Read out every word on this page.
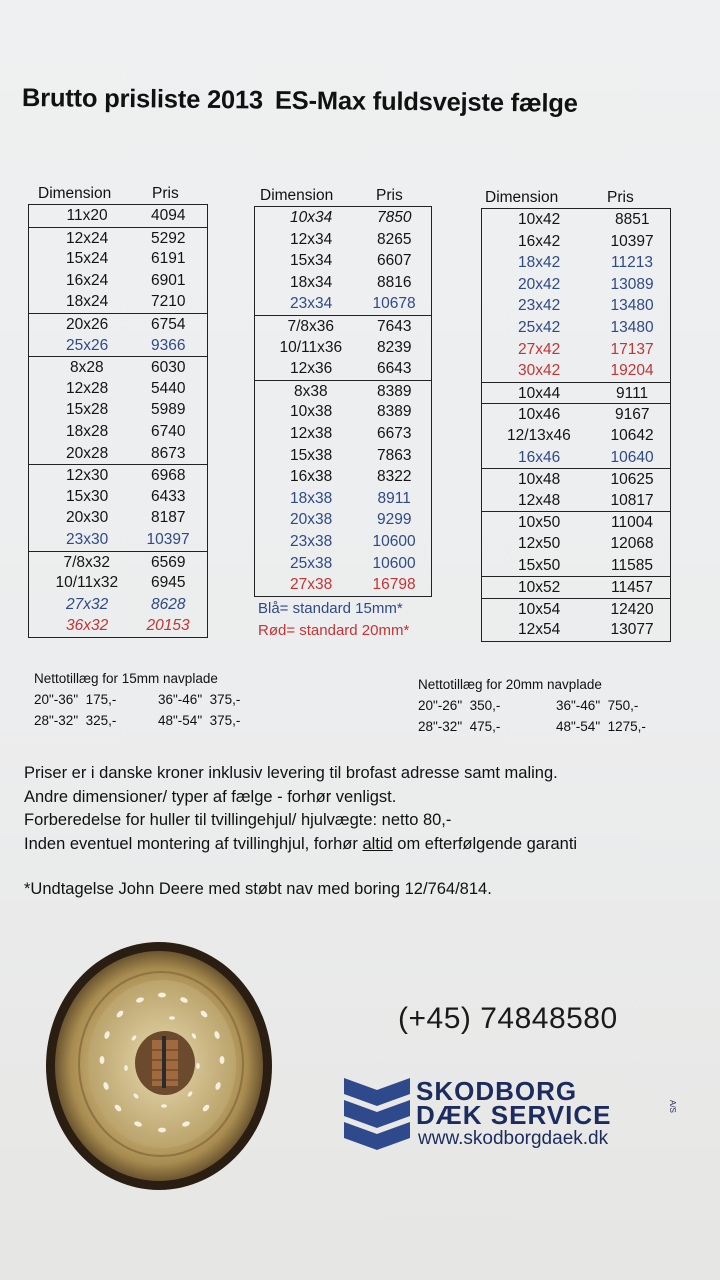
Brutto prisliste 2013 ES-Max fuldsvejste fælge
Dimension	Pris
11x20	4094
12x24	5292
15x24	6191
16x24	6901
18x24	7210
20x26	6754
25x26	9366
8x28	6030
12x28	5440
15x28	5989
18x28	6740
20x28	8673
12x30	6968
15x30	6433
20x30	8187
23x30 10397
7/8x32	6569
10/11x32 6945
27x32	8628
36x32 20153
Dimension	Pris
10x34	7850
12x34	8265
15x34	6607
18x34	8816
23x34	10678
7/8x36	7643
10/11x36 8239
12x36	6643
8x38	8389
10x38	8389
12x38	6673
15x38	7863
16x38	8322
18x38	8911
20x38	9299
23x38	10600
25x38	10600
27x38	16798
Dimension	Pris
10x42	8851
16x42	10397
18x42	11213
20x42	13089
23x42	13480
25x42	13480
27x42	17137
30x42	19204
10x44	9111
10x46	9167
12/13x46	10642
16x46	10640
10x48	10625
12x48	10817
10x50	11004
12x50	12068
15x50	11585
10x52	11457
10x54	12420
12x54	13077
Blå= standard 15mm*
Rød= standard 20mm*
Nettotillæg for 15mm navplade
20"-36"  175,-	36"-46"  375,-
28"-32"  325,-	48"-54"  375,-
Nettotillæg for 20mm navplade
20"-26"  350,-	36"-46"  750,-
28"-32"  475,-	48"-54"  1275,-
Priser er i danske kroner inklusiv levering til brofast adresse samt maling.
Andre dimensioner/ typer af fælge - forhør venligst.
Forberedelse for huller til tvillingehjul/ hjulvægte: netto 80,-
Inden eventuel montering af tvillinghjul, forhør altid om efterfølgende garanti
*Undtagelse John Deere med støbt nav med boring 12/764/814.
(+45) 74848580
SKODBORG
DÆK SERVICE	A/S
www.skodborgdaek.dk
